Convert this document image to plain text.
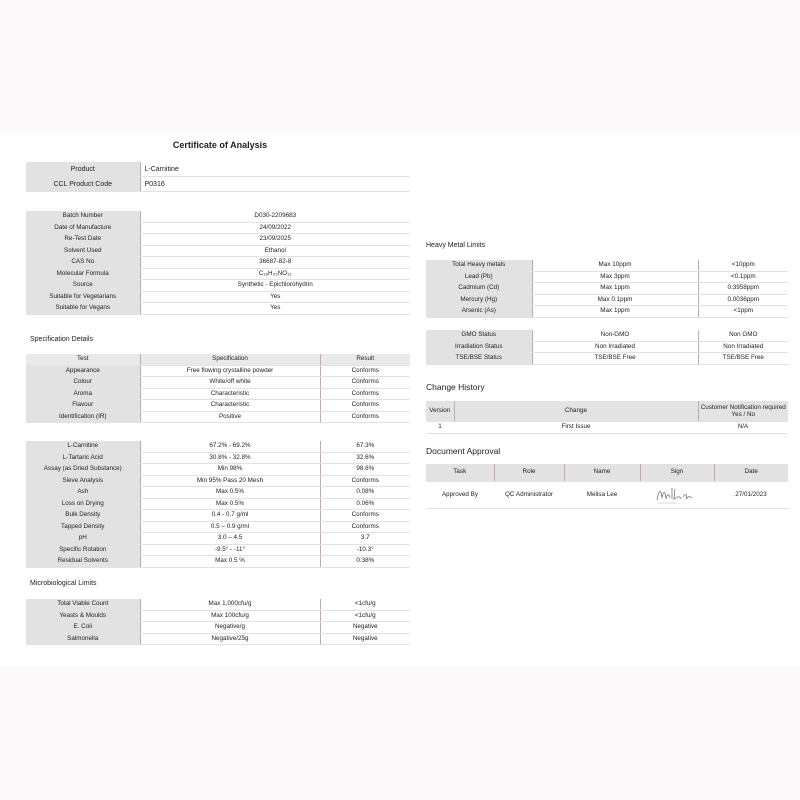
Certificate of Analysis
Product	L-Carnitine
CCL Product Code	P0316
Batch Number	D030-2209683
Date of Manufacture	24/09/2022
Re-Test Date	23/09/2025
Solvent Used	Ethanol
CAS No	36687-82-8
Molecular Formula	C₁₈H₃₃NO₁₂
Source	Synthetic - Epichlorohydrin
Suitable for Vegetarians	Yes
Suitable for Vegans	Yes
Specification Details
Test	Specification	Result
Appearance	Free flowing crystalline powder	Conforms
Colour	White/off white	Conforms
Aroma	Characteristic	Conforms
Flavour	Characteristic	Conforms
Identification (IR)	Positive	Conforms
L-Carnitine	67.2% - 69.2%	67.3%
L-Tartaric Acid	30.8% - 32.8%	32.6%
Assay (as Dried Substance)	Min 98%	98.6%
Sieve Analysis	Min 95% Pass 20 Mesh	Conforms
Ash	Max 0.5%	0.08%
Loss on Drying	Max 0.5%	0.06%
Bulk Density	0.4 - 0.7 g/ml	Conforms
Tapped Density	0.5 – 0.9 g/ml	Conforms
pH	3.0 – 4.5	3.7
Specific Rotation	-9.5° - -11°	-10.3°
Residual Solvents	Max 0.5 %	0.38%
Microbiological Limits
Total Viable Count	Max 1,000cfu/g	<1cfu/g
Yeasts & Moulds	Max 100cfu/g	<1cfu/g
E. Coli	Negative/g	Negative
Salmonella	Negative/25g	Negative
Heavy Metal Limits
Total Heavy metals	Max 10ppm	<10ppm
Lead (Pb)	Max 3ppm	<0.1ppm
Cadmium (Cd)	Max 1ppm	0.3958ppm
Mercury (Hg)	Max 0.1ppm	0.0036ppm
Arsenic (As)	Max 1ppm	<1ppm
GMO Status	Non-GMO	Non GMO
Irradiation Status	Non Irradiated	Non Irradiated
TSE/BSE Status	TSE/BSE Free	TSE/BSE Free
Change History
Version	Change	Customer Notification required Yes / No
1	First Issue	N/A
Document Approval
Task	Role	Name	Sign	Date
Approved By	QC Administrator	Melisa Lee		27/01/2023
